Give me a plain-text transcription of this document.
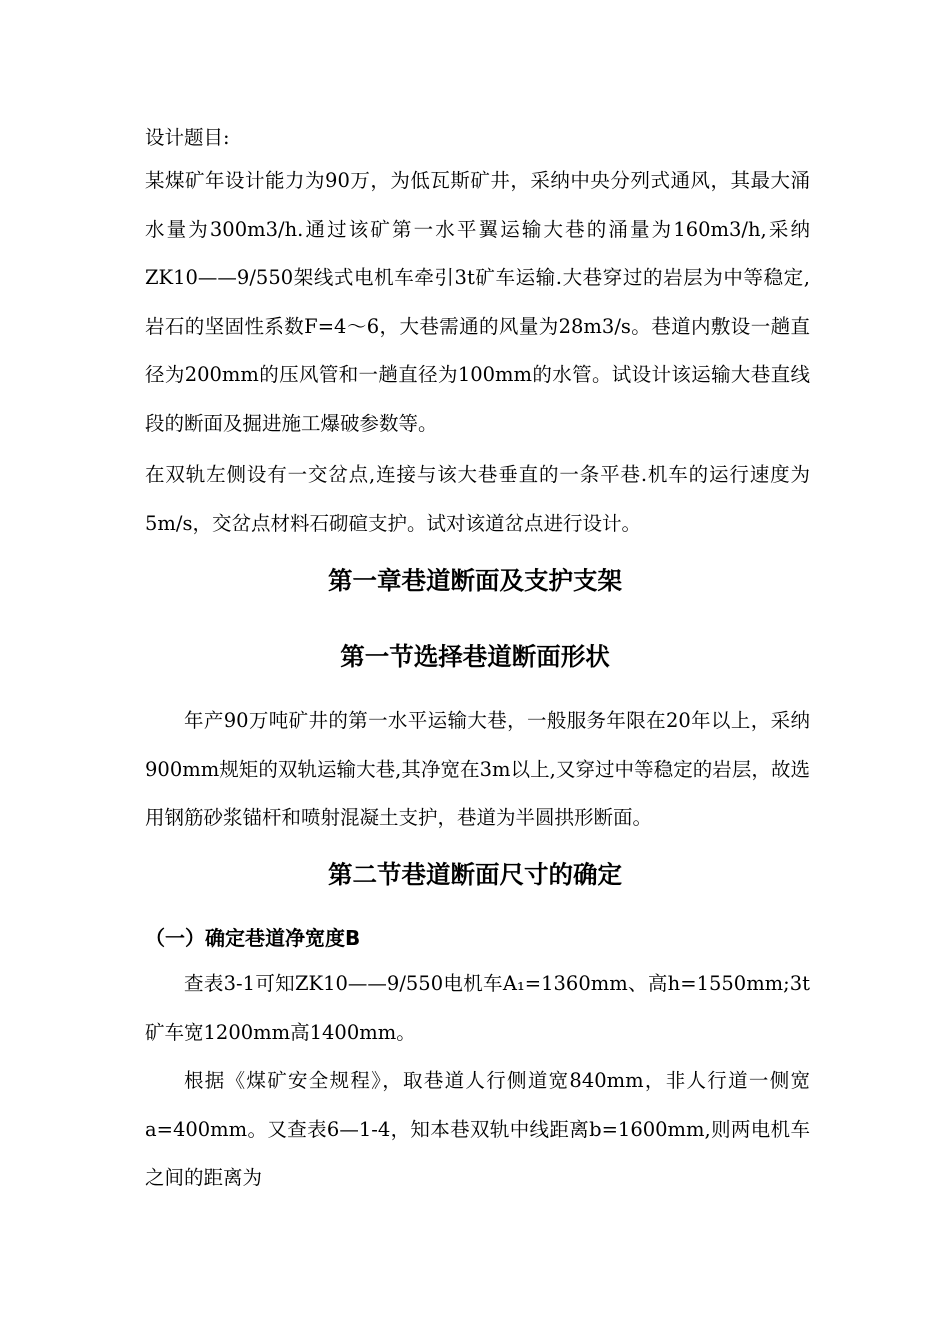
设计题目:

某煤矿年设计能力为90万，为低瓦斯矿井，采纳中央分列式通风，其最大涌水量为300m3/h.通过该矿第一水平翼运输大巷的涌量为160m3/h,采纳ZK10——9/550架线式电机车牵引3t矿车运输.大巷穿过的岩层为中等稳定,岩石的坚固性系数F=4～6，大巷需通的风量为28m3/s。巷道内敷设一趟直径为200mm的压风管和一趟直径为100mm的水管。试设计该运输大巷直线段的断面及掘进施工爆破参数等。

在双轨左侧设有一交岔点,连接与该大巷垂直的一条平巷.机车的运行速度为5m/s，交岔点材料石砌碹支护。试对该道岔点进行设计。

第一章巷道断面及支护支架
第一节选择巷道断面形状

年产90万吨矿井的第一水平运输大巷，一般服务年限在20年以上，采纳900mm规矩的双轨运输大巷,其净宽在3m以上,又穿过中等稳定的岩层，故选用钢筋砂浆锚杆和喷射混凝土支护，巷道为半圆拱形断面。

第二节巷道断面尺寸的确定
（一）确定巷道净宽度B

查表3-1可知ZK10——9/550电机车A₁=1360mm、高h=1550mm;3t矿车宽1200mm高1400mm。

根据《煤矿安全规程》，取巷道人行侧道宽840mm，非人行道一侧宽a=400mm。又查表6—1-4，知本巷双轨中线距离b=1600mm,则两电机车之间的距离为
